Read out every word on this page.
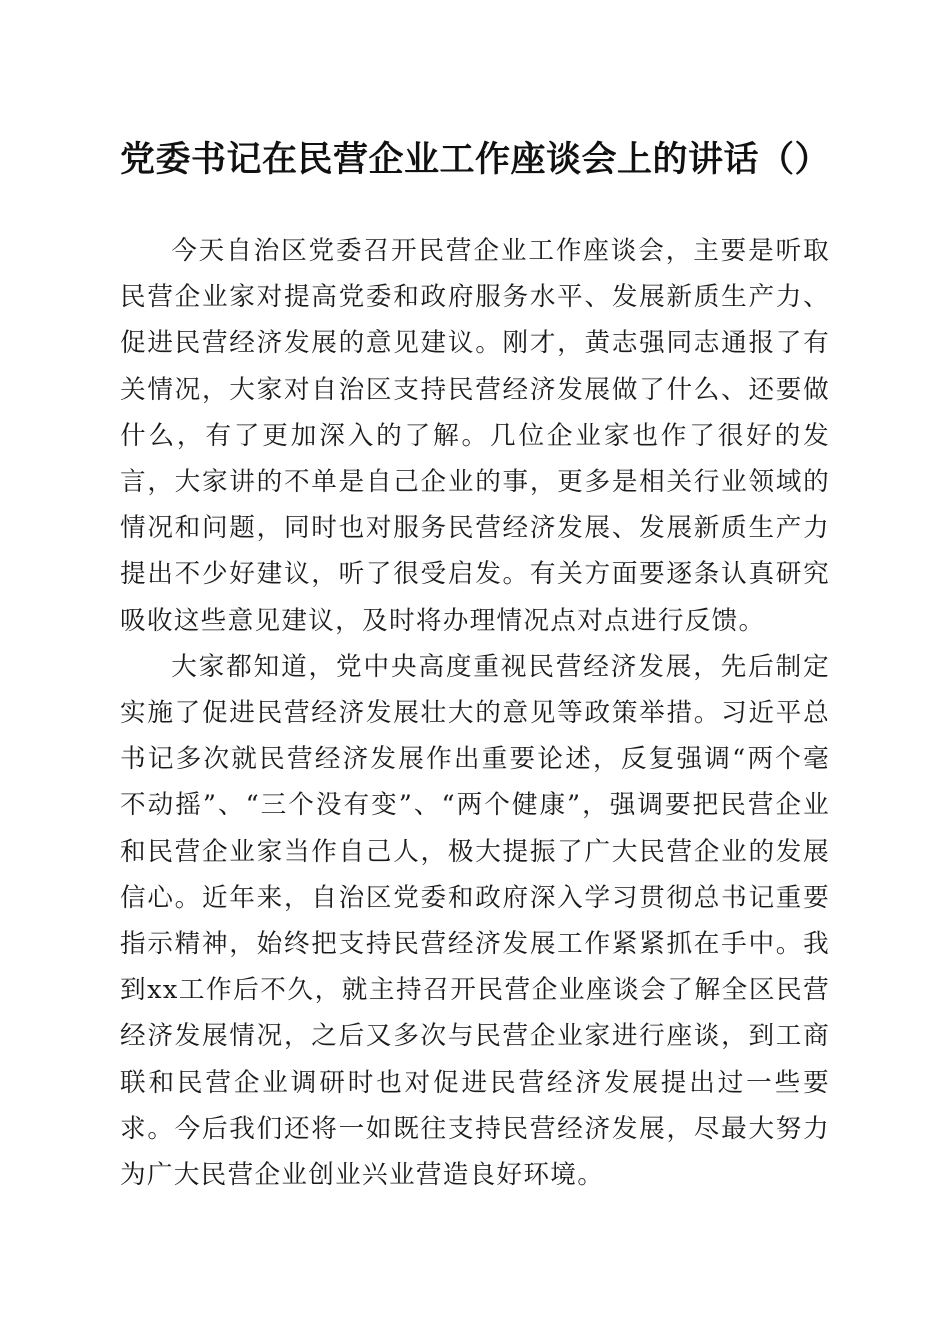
党委书记在民营企业工作座谈会上的讲话（）

今天自治区党委召开民营企业工作座谈会，主要是听取民营企业家对提高党委和政府服务水平、发展新质生产力、促进民营经济发展的意见建议。刚才，黄志强同志通报了有关情况，大家对自治区支持民营经济发展做了什么、还要做什么，有了更加深入的了解。几位企业家也作了很好的发言，大家讲的不单是自己企业的事，更多是相关行业领域的情况和问题，同时也对服务民营经济发展、发展新质生产力提出不少好建议，听了很受启发。有关方面要逐条认真研究吸收这些意见建议，及时将办理情况点对点进行反馈。

大家都知道，党中央高度重视民营经济发展，先后制定实施了促进民营经济发展壮大的意见等政策举措。习近平总书记多次就民营经济发展作出重要论述，反复强调“两个毫不动摇”、“三个没有变”、“两个健康”，强调要把民营企业和民营企业家当作自己人，极大提振了广大民营企业的发展信心。近年来，自治区党委和政府深入学习贯彻总书记重要指示精神，始终把支持民营经济发展工作紧紧抓在手中。我到xx工作后不久，就主持召开民营企业座谈会了解全区民营经济发展情况，之后又多次与民营企业家进行座谈，到工商联和民营企业调研时也对促进民营经济发展提出过一些要求。今后我们还将一如既往支持民营经济发展，尽最大努力为广大民营企业创业兴业营造良好环境。
